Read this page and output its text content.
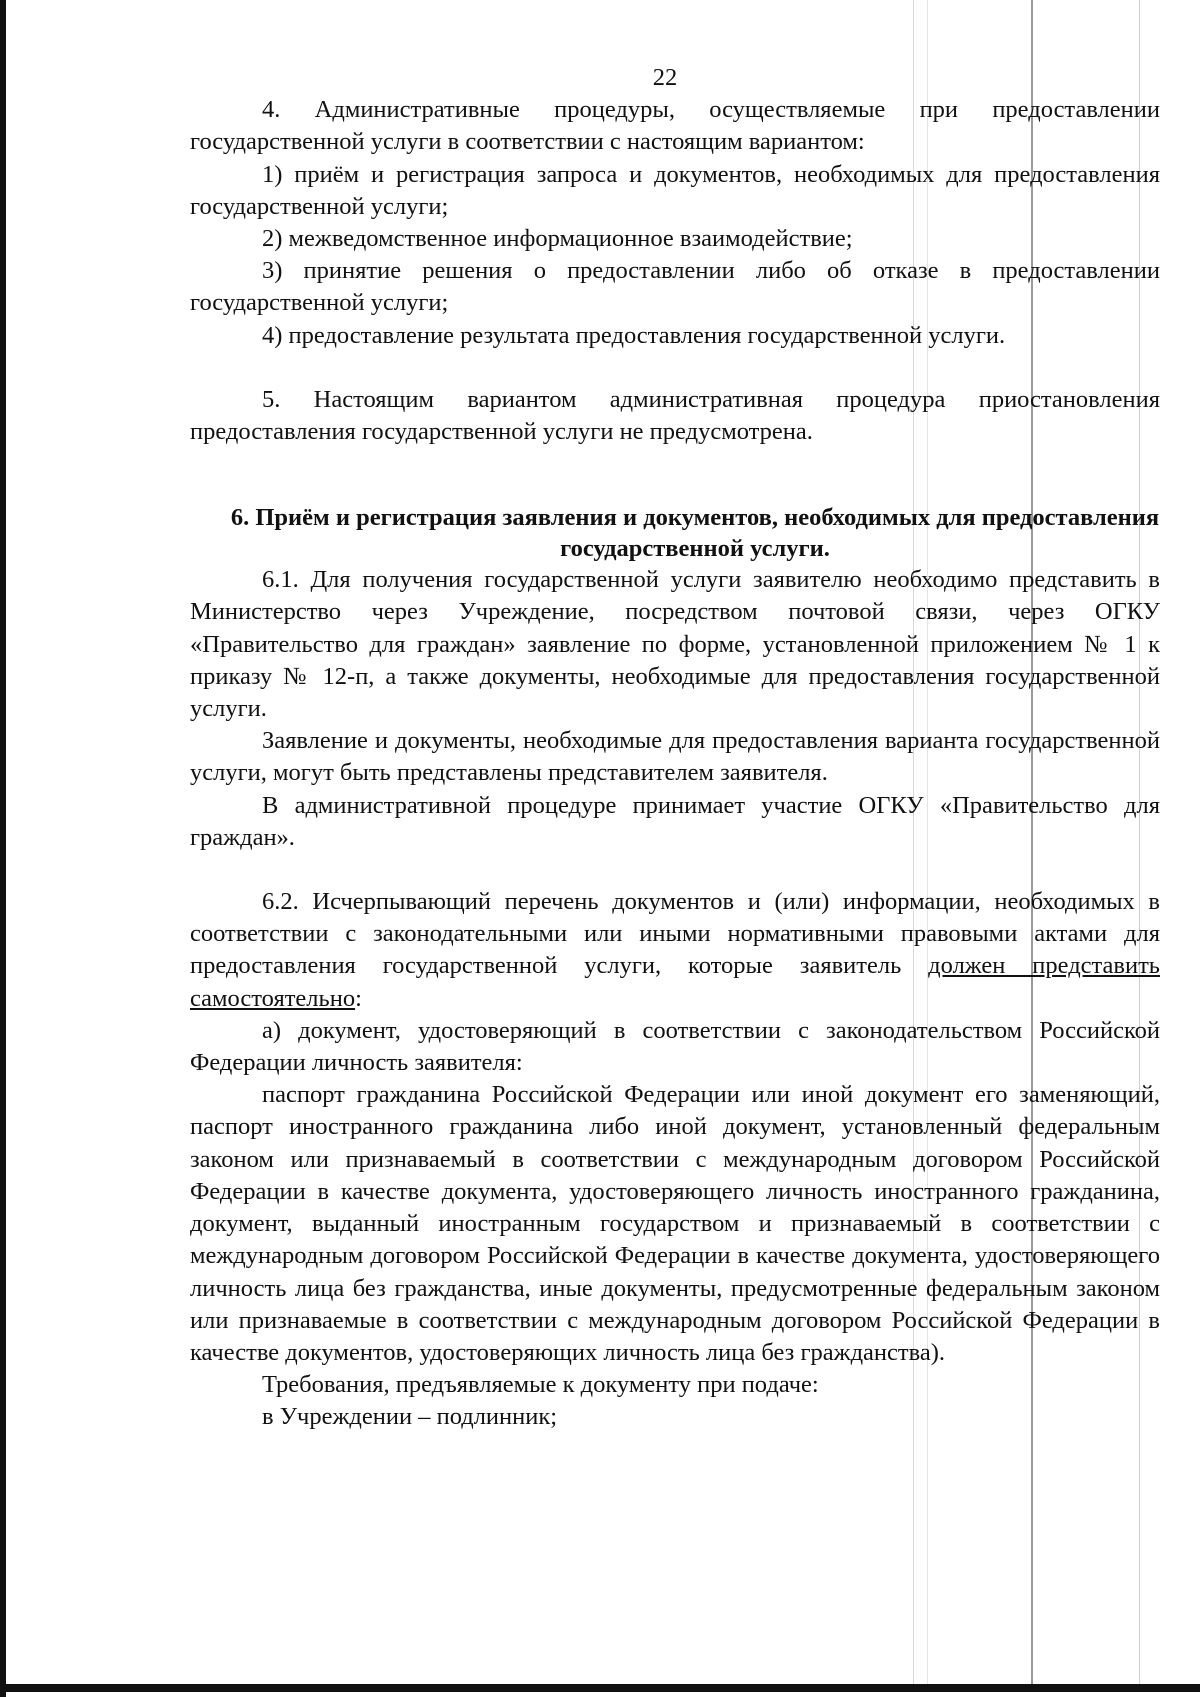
22

4. Административные процедуры, осуществляемые при предоставлении государственной услуги в соответствии с настоящим вариантом:

1) приём и регистрация запроса и документов, необходимых для предоставления государственной услуги;

2) межведомственное информационное взаимодействие;

3) принятие решения о предоставлении либо об отказе в предоставлении государственной услуги;

4) предоставление результата предоставления государственной услуги.

5. Настоящим вариантом административная процедура приостановления предоставления государственной услуги не предусмотрена.

6. Приём и регистрация заявления и документов, необходимых для предоставления государственной услуги.

6.1. Для получения государственной услуги заявителю необходимо представить в Министерство через Учреждение, посредством почтовой связи, через ОГКУ «Правительство для граждан» заявление по форме, установленной приложением № 1 к приказу № 12-п, а также документы, необходимые для предоставления государственной услуги.

Заявление и документы, необходимые для предоставления варианта государственной услуги, могут быть представлены представителем заявителя.

В административной процедуре принимает участие ОГКУ «Правительство для граждан».

6.2. Исчерпывающий перечень документов и (или) информации, необходимых в соответствии с законодательными или иными нормативными правовыми актами для предоставления государственной услуги, которые заявитель должен представить самостоятельно:

а) документ, удостоверяющий в соответствии с законодательством Российской Федерации личность заявителя:

паспорт гражданина Российской Федерации или иной документ его заменяющий, паспорт иностранного гражданина либо иной документ, установленный федеральным законом или признаваемый в соответствии с международным договором Российской Федерации в качестве документа, удостоверяющего личность иностранного гражданина, документ, выданный иностранным государством и признаваемый в соответствии с международным договором Российской Федерации в качестве документа, удостоверяющего личность лица без гражданства, иные документы, предусмотренные федеральным законом или признаваемые в соответствии с международным договором Российской Федерации в качестве документов, удостоверяющих личность лица без гражданства).

Требования, предъявляемые к документу при подаче:

в Учреждении – подлинник;
